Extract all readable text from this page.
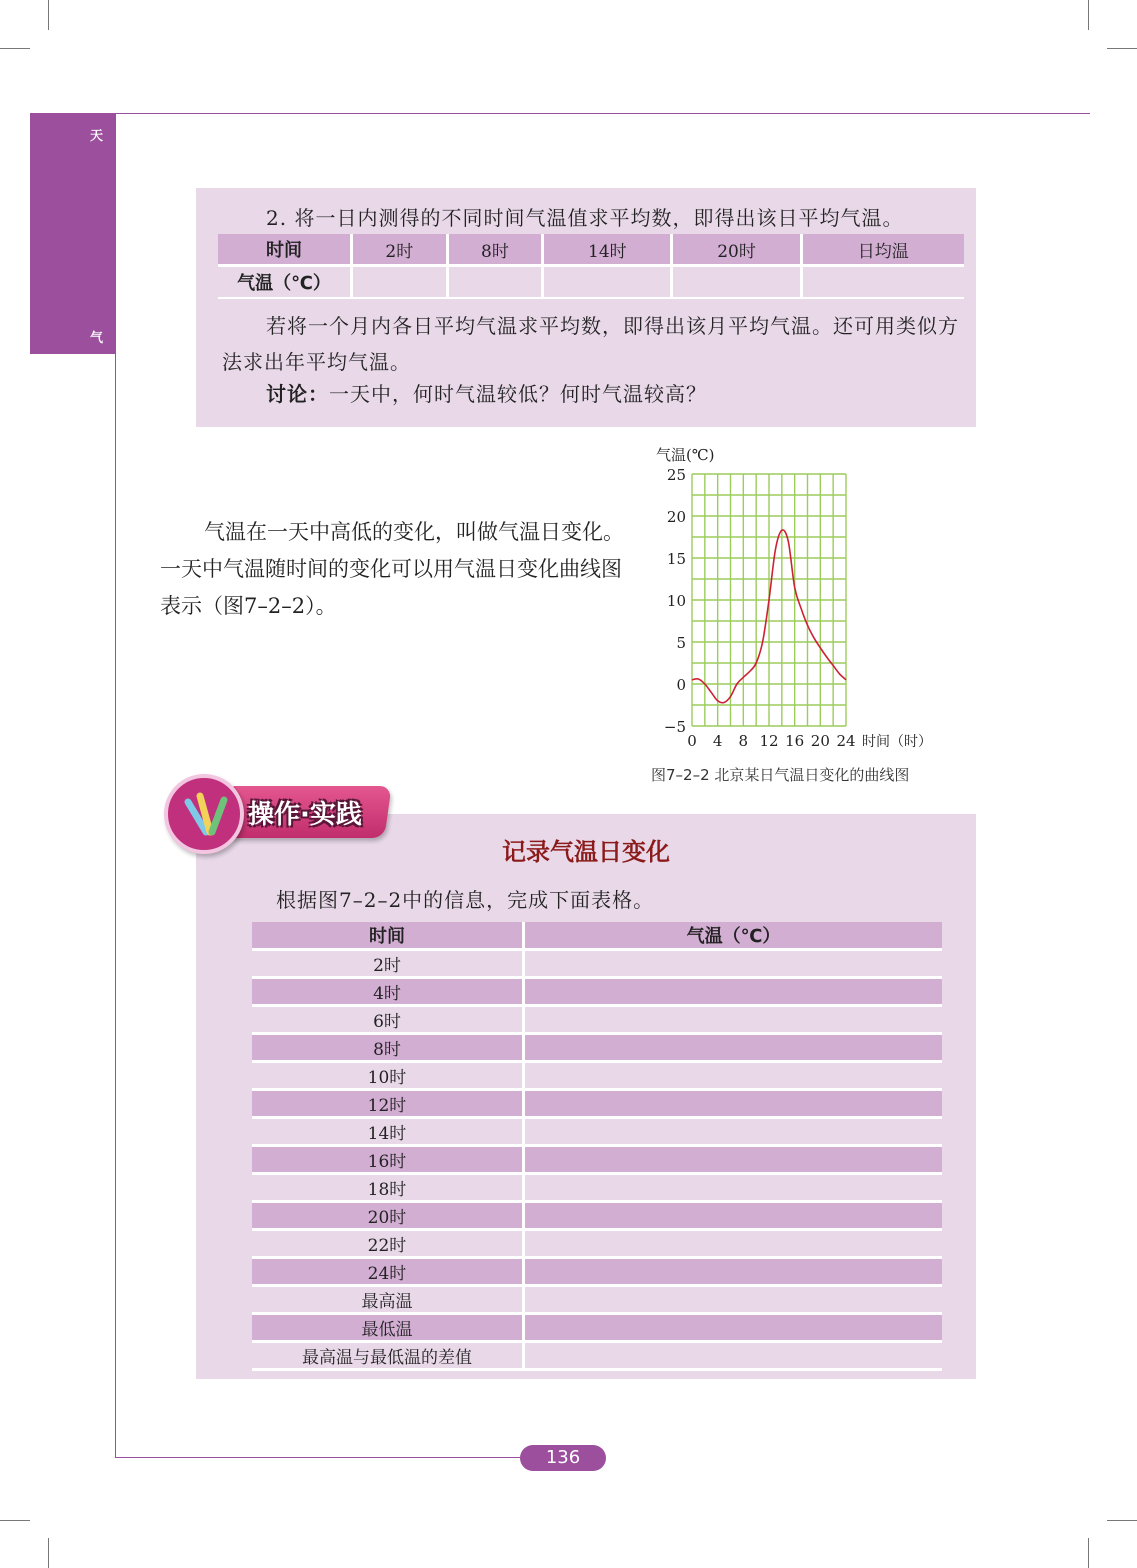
天
气
136
2. 将一日内测得的不同时间气温值求平均数，即得出该日平均气温。
时间	2时	8时	14时	20时	日均温
气温（℃）					
若将一个月内各日平均气温求平均数，即得出该月平均气温。还可用类似方法求出年平均气温。
讨论：一天中，何时气温较低？何时气温较高？
气温在一天中高低的变化，叫做气温日变化。一天中气温随时间的变化可以用气温日变化曲线图表示（图7–2–2）。
25
20
15
10
5
0
−5
0 4 8 12 16 20 24
气温(℃)
时间（时）
图7–2–2 北京某日气温日变化的曲线图
记录气温日变化
根据图7–2–2中的信息，完成下面表格。
时间	气温（℃）
2时	
4时	
6时	
8时	
10时	
12时	
14时	
16时	
18时	
20时	
22时	
24时	
最高温	
最低温	
最高温与最低温的差值	
操作·实践
